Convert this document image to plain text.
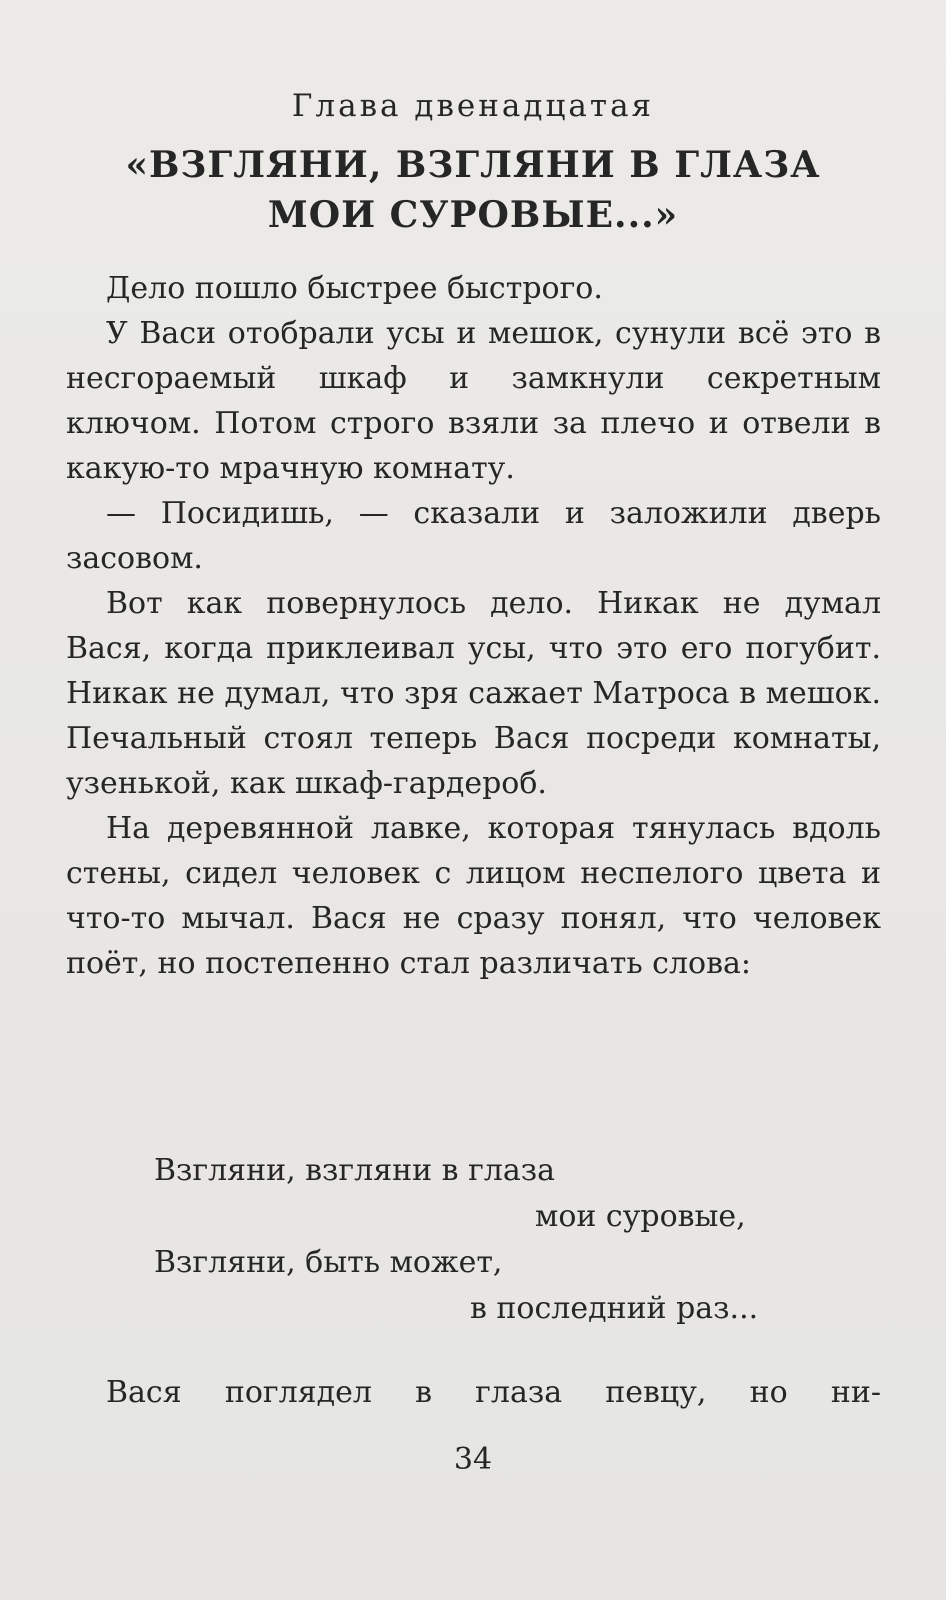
Глава двенадцатая
«ВЗГЛЯНИ, ВЗГЛЯНИ В ГЛАЗА
МОИ СУРОВЫЕ...»

Дело пошло быстрее быстрого.

У Васи отобрали усы и мешок, сунули всё это в несгораемый шкаф и замкнули секретным ключом. Потом строго взяли за плечо и отвели в какую-то мрачную комнату.

— Посидишь, — сказали и заложили дверь засовом.

Вот как повернулось дело. Никак не думал Вася, когда приклеивал усы, что это его погубит. Никак не думал, что зря сажает Матроса в мешок. Печальный стоял теперь Вася посреди комнаты, узенькой, как шкаф-гардероб.

На деревянной лавке, которая тянулась вдоль стены, сидел человек с лицом неспелого цвета и что-то мычал. Вася не сразу понял, что человек поёт, но постепенно стал различать слова:

Взгляни, взгляни в глаза
мои суровые,
Взгляни, быть может,
в последний раз...
Вася поглядел в глаза певцу, но ни-
34
